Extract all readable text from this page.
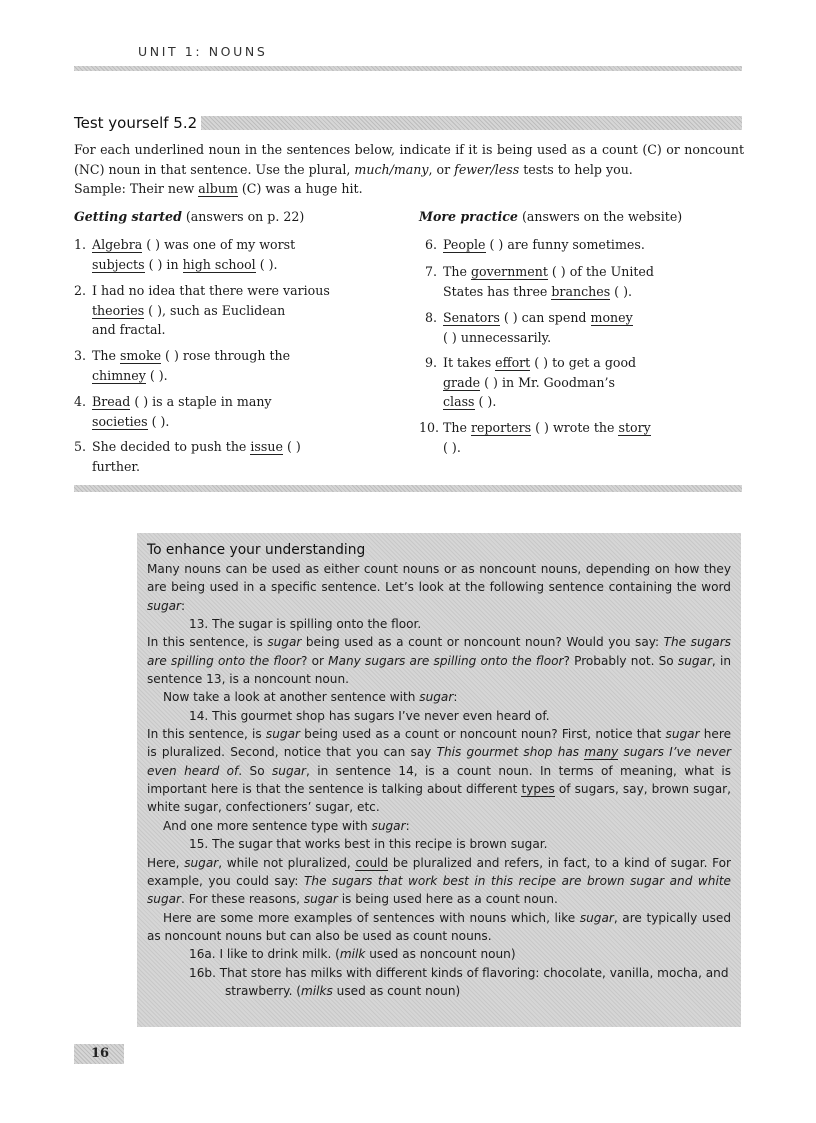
UNIT 1: NOUNS
Test yourself 5.2
For each underlined noun in the sentences below, indicate if it is being used as a count (C) or noncount (NC) noun in that sentence. Use the plural, much/many, or fewer/less tests to help you.
Sample: Their new album (C) was a huge hit.
Getting started (answers on p. 22)
1. Algebra ( ) was one of my worst
subjects ( ) in high school ( ).
2. I had no idea that there were various
theories ( ), such as Euclidean
and fractal.
3. The smoke ( ) rose through the
chimney ( ).
4. Bread ( ) is a staple in many
societies ( ).
5. She decided to push the issue ( )
further.
More practice (answers on the website)
6. People ( ) are funny sometimes.
7. The government ( ) of the United
States has three branches ( ).
8. Senators ( ) can spend money
( ) unnecessarily.
9. It takes effort ( ) to get a good
grade ( ) in Mr. Goodman’s
class ( ).
10. The reporters ( ) wrote the story
( ).
To enhance your understanding

Many nouns can be used as either count nouns or as noncount nouns, depending on how they are being used in a specific sentence. Let’s look at the following sentence containing the word sugar:

13. The sugar is spilling onto the floor.

In this sentence, is sugar being used as a count or noncount noun? Would you say: The sugars are spilling onto the floor? or Many sugars are spilling onto the floor? Probably not. So sugar, in sentence 13, is a noncount noun.

Now take a look at another sentence with sugar:

14. This gourmet shop has sugars I’ve never even heard of.

In this sentence, is sugar being used as a count or noncount noun? First, notice that sugar here is pluralized. Second, notice that you can say This gourmet shop has many sugars I’ve never even heard of. So sugar, in sentence 14, is a count noun. In terms of meaning, what is important here is that the sentence is talking about different types of sugars, say, brown sugar, white sugar, confectioners’ sugar, etc.

And one more sentence type with sugar:

15. The sugar that works best in this recipe is brown sugar.

Here, sugar, while not pluralized, could be pluralized and refers, in fact, to a kind of sugar. For example, you could say: The sugars that work best in this recipe are brown sugar and white sugar. For these reasons, sugar is being used here as a count noun.

Here are some more examples of sentences with nouns which, like sugar, are typically used as noncount nouns but can also be used as count nouns.

16a. I like to drink milk. (milk used as noncount noun)

16b. That store has milks with different kinds of flavoring: chocolate, vanilla, mocha, and strawberry. (milks used as count noun)

16
